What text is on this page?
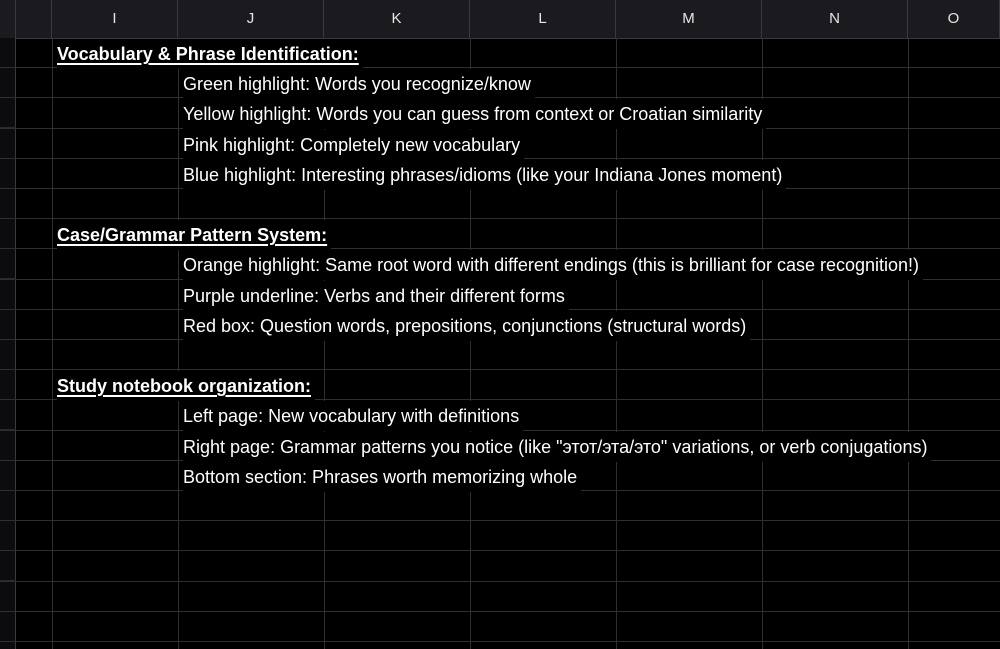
I	J	K	L	M	N	O
Vocabulary & Phrase Identification:
Green highlight: Words you recognize/know
Yellow highlight: Words you can guess from context or Croatian similarity
Pink highlight: Completely new vocabulary
Blue highlight: Interesting phrases/idioms (like your Indiana Jones moment)
Case/Grammar Pattern System:
Orange highlight: Same root word with different endings (this is brilliant for case recognition!)
Purple underline: Verbs and their different forms
Red box: Question words, prepositions, conjunctions (structural words)
Study notebook organization:
Left page: New vocabulary with definitions
Right page: Grammar patterns you notice (like "этот/эта/это" variations, or verb conjugations)
Bottom section: Phrases worth memorizing whole
